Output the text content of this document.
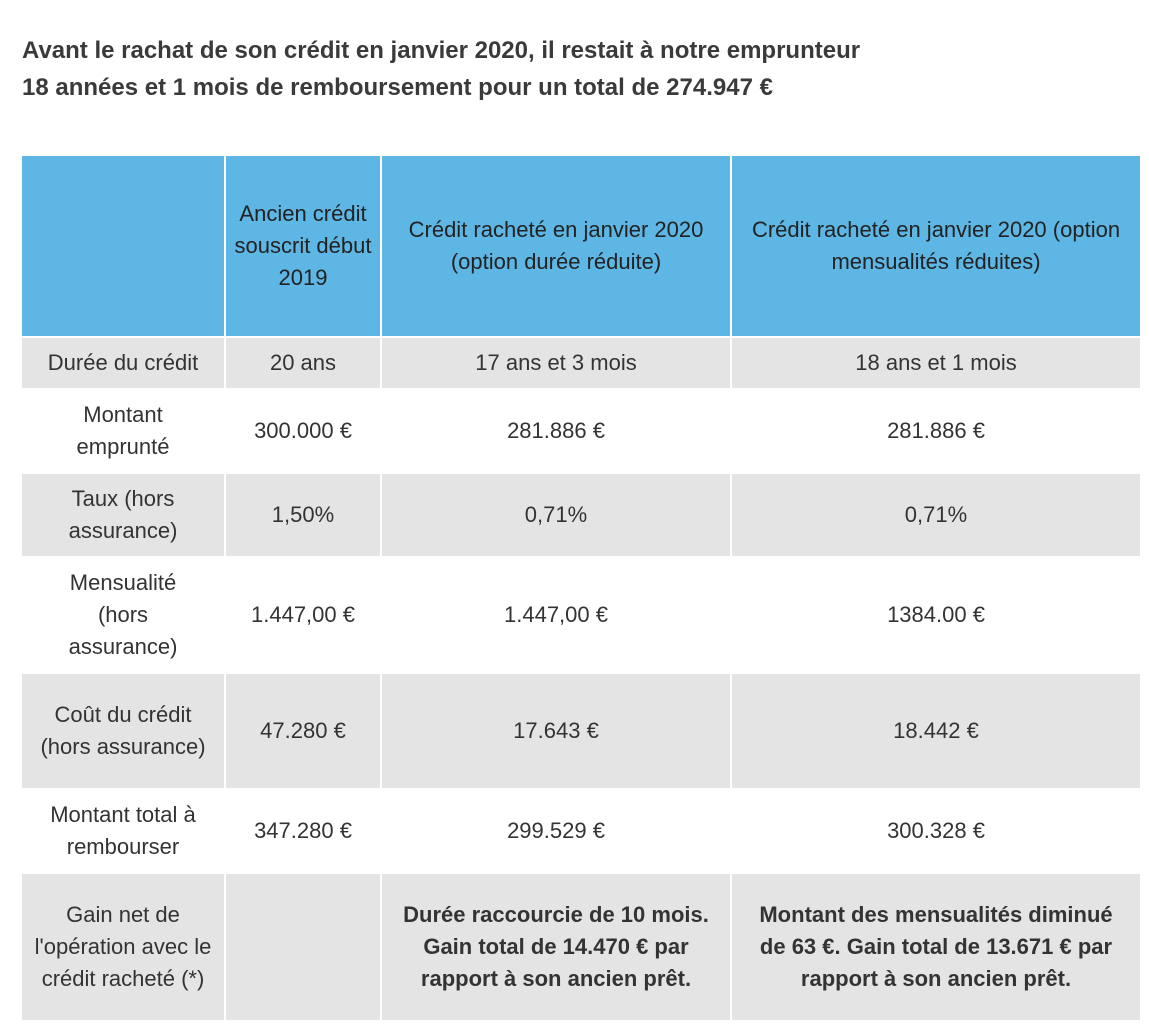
Avant le rachat de son crédit en janvier 2020, il restait à notre emprunteur
18 années et 1 mois de remboursement pour un total de 274.947 €
	Ancien crédit souscrit début 2019	Crédit racheté en janvier 2020 (option durée réduite)	Crédit racheté en janvier 2020 (option mensualités réduites)
Durée du crédit	20 ans	17 ans et 3 mois	18 ans et 1 mois
Montant emprunté	300.000 €	281.886 €	281.886 €
Taux (hors assurance)	1,50%	0,71%	0,71%
Mensualité (hors assurance)	1.447,00 €	1.447,00 €	1384.00 €
Coût du crédit (hors assurance)	47.280 €	17.643 €	18.442 €
Montant total à rembourser	347.280 €	299.529 €	300.328 €
Gain net de l'opération avec le crédit racheté (*)		Durée raccourcie de 10 mois. Gain total de 14.470 € par rapport à son ancien prêt.	Montant des mensualités diminué de 63 €. Gain total de 13.671 € par rapport à son ancien prêt.
